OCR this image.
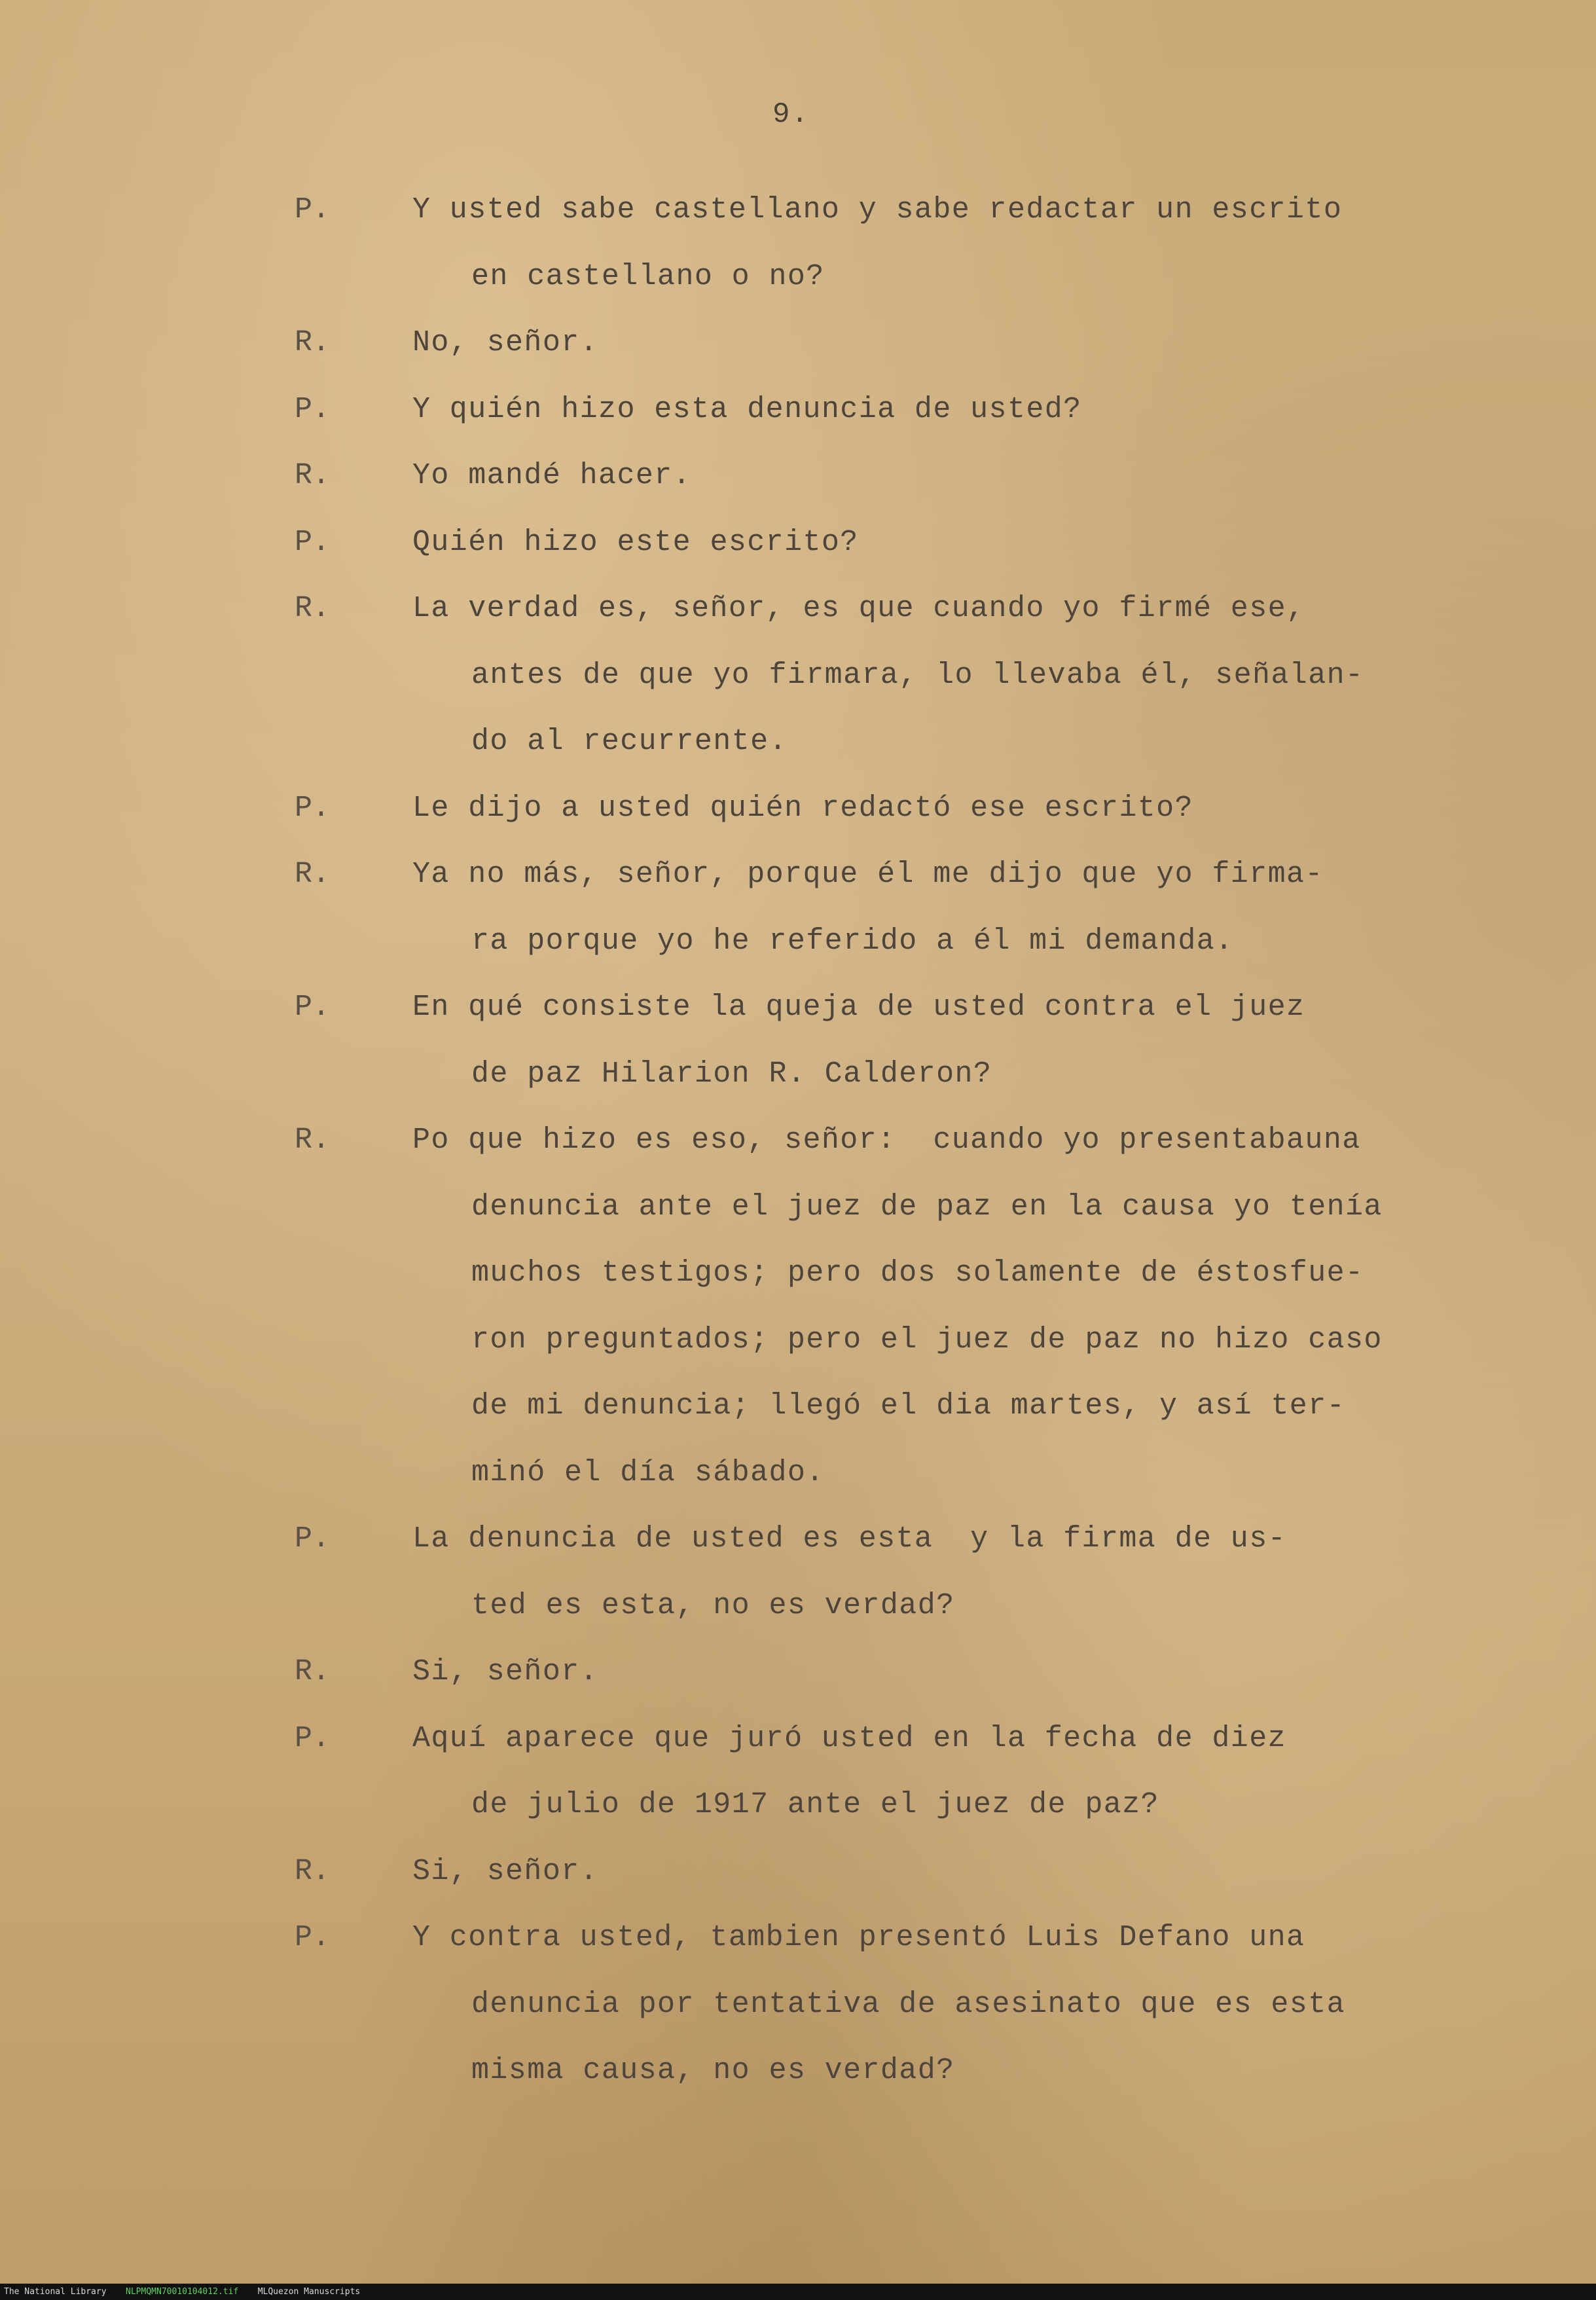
9.
P.	Y usted sabe castellano y sabe redactar un escrito
en castellano o no?
R.	No, señor.
P.	Y quién hizo esta denuncia de usted?
R.	Yo mandé hacer.
P.	Quién hizo este escrito?
R.	La verdad es, señor, es que cuando yo firmé ese,
antes de que yo firmara, lo llevaba él, señalan-
do al recurrente.
P.	Le dijo a usted quién redactó ese escrito?
R.	Ya no más, señor, porque él me dijo que yo firma-
ra porque yo he referido a él mi demanda.
P.	En qué consiste la queja de usted contra el juez
de paz Hilarion R. Calderon?
R.	Po que hizo es eso, señor:  cuando yo presentabauna
denuncia ante el juez de paz en la causa yo tenía
muchos testigos; pero dos solamente de éstosfue-
ron preguntados; pero el juez de paz no hizo caso
de mi denuncia; llegó el dia martes, y así ter-
minó el día sábado.
P.	La denuncia de usted es esta  y la firma de us-
ted es esta, no es verdad?
R.	Si, señor.
P.	Aquí aparece que juró usted en la fecha de diez
de julio de 1917 ante el juez de paz?
R.	Si, señor.
P.	Y contra usted, tambien presentó Luis Defano una
denuncia por tentativa de asesinato que es esta
misma causa, no es verdad?
The National Library NLPMQMN70010104012.tif MLQuezon Manuscripts
